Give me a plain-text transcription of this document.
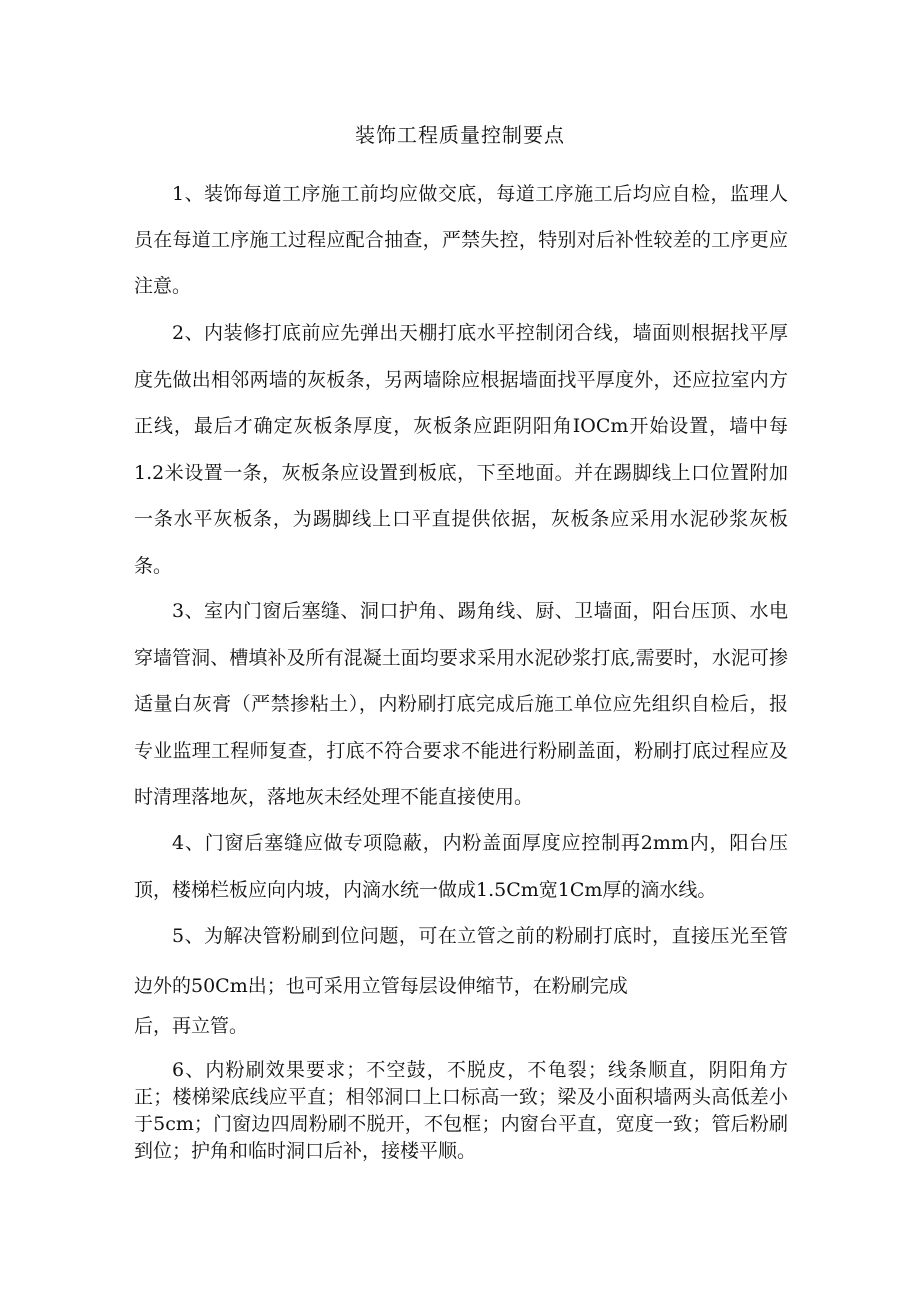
装饰工程质量控制要点

1、装饰每道工序施工前均应做交底，每道工序施工后均应自检，监理人员在每道工序施工过程应配合抽查，严禁失控，特别对后补性较差的工序更应注意。

2、内装修打底前应先弹出天棚打底水平控制闭合线，墙面则根据找平厚度先做出相邻两墙的灰板条，另两墙除应根据墙面找平厚度外，还应拉室内方正线，最后才确定灰板条厚度，灰板条应距阴阳角IOCm开始设置，墙中每1.2米设置一条，灰板条应设置到板底，下至地面。并在踢脚线上口位置附加一条水平灰板条，为踢脚线上口平直提供依据，灰板条应采用水泥砂浆灰板条。

3、室内门窗后塞缝、洞口护角、踢角线、厨、卫墙面，阳台压顶、水电穿墙管洞、槽填补及所有混凝土面均要求采用水泥砂浆打底,需要时，水泥可掺适量白灰膏（严禁掺粘土），内粉刷打底完成后施工单位应先组织自检后，报专业监理工程师复查，打底不符合要求不能进行粉刷盖面，粉刷打底过程应及时清理落地灰，落地灰未经处理不能直接使用。

4、门窗后塞缝应做专项隐蔽，内粉盖面厚度应控制再2mm内，阳台压顶，楼梯栏板应向内坡，内滴水统一做成1.5Cm宽1Cm厚的滴水线。

5、为解决管粉刷到位问题，可在立管之前的粉刷打底时，直接压光至管边外的50Cm出；也可采用立管每层设伸缩节，在粉刷完成

后，再立管。

6、内粉刷效果要求；不空鼓，不脱皮，不龟裂；线条顺直，阴阳角方正；楼梯梁底线应平直；相邻洞口上口标高一致；梁及小面积墙两头高低差小于5cm；门窗边四周粉刷不脱开，不包框；内窗台平直，宽度一致；管后粉刷到位；护角和临时洞口后补，接楼平顺。
